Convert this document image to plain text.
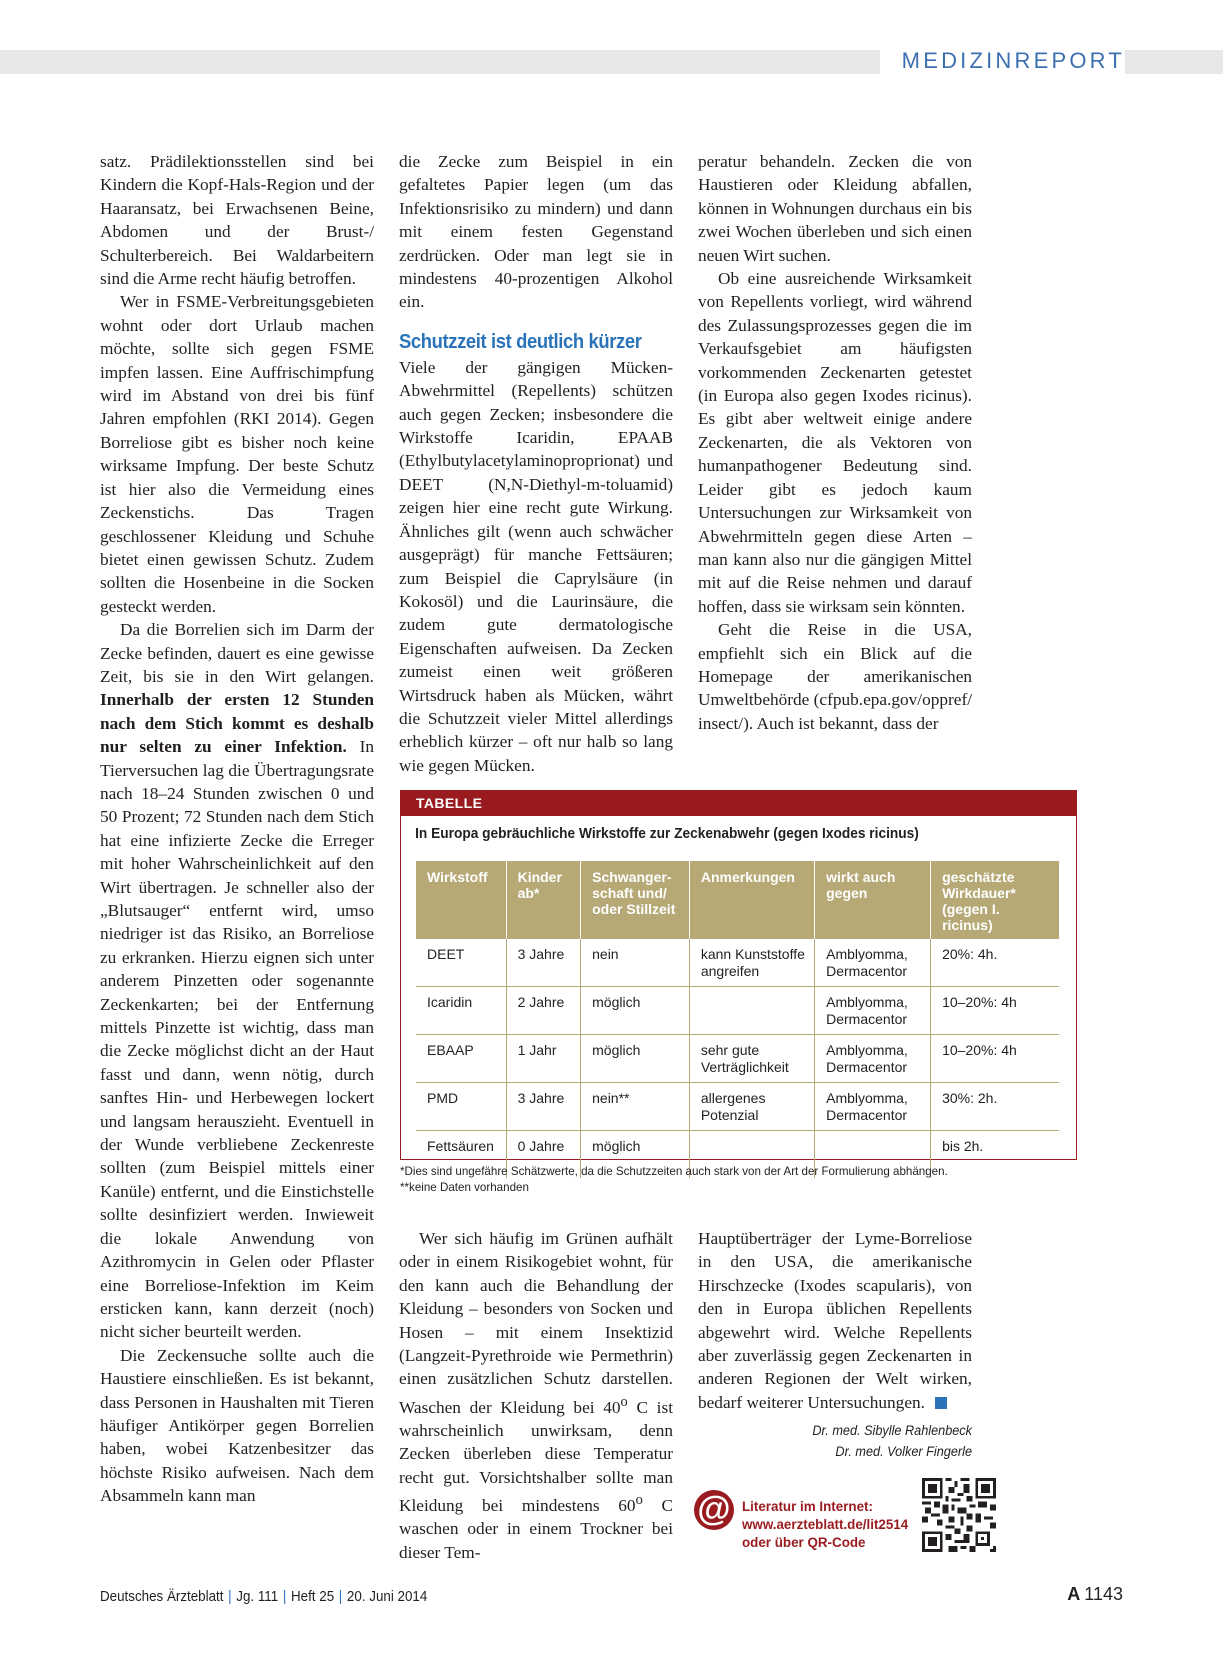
MEDIZINREPORT

satz. Prädilektionsstellen sind bei Kindern die Kopf-Hals-Region und der Haaransatz, bei Erwachsenen Beine, Abdomen und der Brust-/ Schulterbereich. Bei Waldarbeitern sind die Arme recht häufig betroffen.

Wer in FSME-Verbreitungsgebieten wohnt oder dort Urlaub machen möchte, sollte sich gegen FSME impfen lassen. Eine Auffrischimpfung wird im Abstand von drei bis fünf Jahren empfohlen (RKI 2014). Gegen Borreliose gibt es bisher noch keine wirksame Impfung. Der beste Schutz ist hier also die Vermeidung eines Zeckenstichs. Das Tragen geschlossener Kleidung und Schuhe bietet einen gewissen Schutz. Zudem sollten die Hosenbeine in die Socken gesteckt werden.

Da die Borrelien sich im Darm der Zecke befinden, dauert es eine gewisse Zeit, bis sie in den Wirt gelangen. Innerhalb der ersten 12 Stunden nach dem Stich kommt es deshalb nur selten zu einer Infektion. In Tierversuchen lag die Übertragungsrate nach 18–24 Stunden zwischen 0 und 50 Prozent; 72 Stunden nach dem Stich hat eine infizierte Zecke die Erreger mit hoher Wahrscheinlichkeit auf den Wirt übertragen. Je schneller also der „Blutsauger“ entfernt wird, umso niedriger ist das Risiko, an Borreliose zu erkranken. Hierzu eignen sich unter anderem Pinzetten oder sogenannte Zeckenkarten; bei der Entfernung mittels Pinzette ist wichtig, dass man die Zecke möglichst dicht an der Haut fasst und dann, wenn nötig, durch sanftes Hin- und Herbewegen lockert und langsam herauszieht. Eventuell in der Wunde verbliebene Zeckenreste sollten (zum Beispiel mittels einer Kanüle) entfernt, und die Einstichstelle sollte desinfiziert werden. Inwieweit die lokale Anwendung von Azithromycin in Gelen oder Pflaster eine Borreliose-Infektion im Keim ersticken kann, kann derzeit (noch) nicht sicher beurteilt werden.

Die Zeckensuche sollte auch die Haustiere einschließen. Es ist bekannt, dass Personen in Haushalten mit Tieren häufiger Antikörper gegen Borrelien haben, wobei Katzenbesitzer das höchste Risiko aufweisen. Nach dem Absammeln kann man

die Zecke zum Beispiel in ein gefaltetes Papier legen (um das Infektionsrisiko zu mindern) und dann mit einem festen Gegenstand zerdrücken. Oder man legt sie in mindestens 40-prozentigen Alkohol ein.

Schutzzeit ist deutlich kürzer

Viele der gängigen Mücken-Abwehrmittel (Repellents) schützen auch gegen Zecken; insbesondere die Wirkstoffe Icaridin, EPAAB (Ethylbutylacetylaminoproprionat) und DEET (N,N-Diethyl-m-toluamid) zeigen hier eine recht gute Wirkung. Ähnliches gilt (wenn auch schwächer ausgeprägt) für manche Fettsäuren; zum Beispiel die Caprylsäure (in Kokosöl) und die Laurinsäure, die zudem gute dermatologische Eigenschaften aufweisen. Da Zecken zumeist einen weit größeren Wirtsdruck haben als Mücken, währt die Schutzzeit vieler Mittel allerdings erheblich kürzer – oft nur halb so lang wie gegen Mücken.

peratur behandeln. Zecken die von Haustieren oder Kleidung abfallen, können in Wohnungen durchaus ein bis zwei Wochen überleben und sich einen neuen Wirt suchen.

Ob eine ausreichende Wirksamkeit von Repellents vorliegt, wird während des Zulassungsprozesses gegen die im Verkaufsgebiet am häufigsten vorkommenden Zeckenarten getestet (in Europa also gegen Ixodes ricinus). Es gibt aber weltweit einige andere Zeckenarten, die als Vektoren von humanpathogener Bedeutung sind. Leider gibt es jedoch kaum Untersuchungen zur Wirksamkeit von Abwehrmitteln gegen diese Arten – man kann also nur die gängigen Mittel mit auf die Reise nehmen und darauf hoffen, dass sie wirksam sein könnten.

Geht die Reise in die USA, empfiehlt sich ein Blick auf die Homepage der amerikanischen Umweltbehörde (cfpub.epa.gov/oppref/ insect/). Auch ist bekannt, dass der

TABELLE
In Europa gebräuchliche Wirkstoffe zur Zeckenabwehr (gegen Ixodes ricinus)
Wirkstoff	Kinder ab*	Schwanger-schaft und/ oder Stillzeit	Anmerkungen	wirkt auch gegen	geschätzte Wirkdauer* (gegen I. ricinus)
DEET	3 Jahre	nein	kann Kunststoffe angreifen	Amblyomma, Dermacentor	20%: 4h.
Icaridin	2 Jahre	möglich		Amblyomma, Dermacentor	10–20%: 4h
EBAAP	1 Jahr	möglich	sehr gute Verträglichkeit	Amblyomma, Dermacentor	10–20%: 4h
PMD	3 Jahre	nein**	allergenes Potenzial	Amblyomma, Dermacentor	30%: 2h.
Fettsäuren	0 Jahre	möglich			bis 2h.
*Dies sind ungefähre Schätzwerte, da die Schutzzeiten auch stark von der Art der Formulierung abhängen.
**keine Daten vorhanden

Wer sich häufig im Grünen aufhält oder in einem Risikogebiet wohnt, für den kann auch die Behandlung der Kleidung – besonders von Socken und Hosen – mit einem Insektizid (Langzeit-Pyrethroide wie Permethrin) einen zusätzlichen Schutz darstellen. Waschen der Kleidung bei 40$^o$ C ist wahrscheinlich unwirksam, denn Zecken überleben diese Temperatur recht gut. Vorsichtshalber sollte man Kleidung bei mindestens 60$^o$ C waschen oder in einem Trockner bei dieser Tem-

Hauptüberträger der Lyme-Borreliose in den USA, die amerikanische Hirschzecke (Ixodes scapularis), von den in Europa üblichen Repellents abgewehrt wird. Welche Repellents aber zuverlässig gegen Zeckenarten in anderen Regionen der Welt wirken, bedarf weiterer Untersuchungen.

Dr. med. Sibylle Rahlenbeck
Dr. med. Volker Fingerle
@ Literatur im Internet:
www.aerzteblatt.de/lit2514
oder über QR-Code
Deutsches Ärzteblatt | Jg. 111 | Heft 25 | 20. Juni 2014	A 1143
